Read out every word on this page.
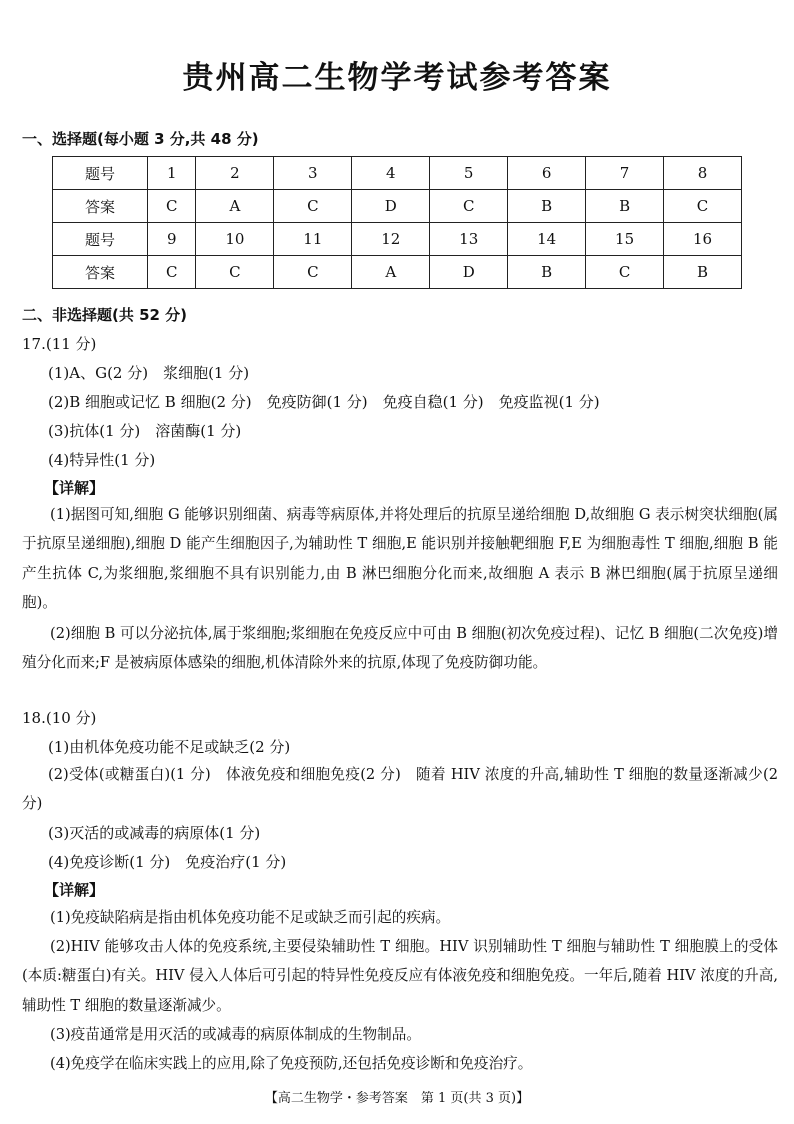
贵州高二生物学考试参考答案
一、选择题(每小题 3 分,共 48 分)
题号	1	2	3	4	5	6	7	8
答案	C	A	C	D	C	B	B	C
题号	9	10	11	12	13	14	15	16
答案	C	C	C	A	D	B	C	B
二、非选择题(共 52 分)
17.(11 分)
(1)A、G(2 分)　浆细胞(1 分)
(2)B 细胞或记忆 B 细胞(2 分)　免疫防御(1 分)　免疫自稳(1 分)　免疫监视(1 分)
(3)抗体(1 分)　溶菌酶(1 分)
(4)特异性(1 分)
【详解】
(1)据图可知,细胞 G 能够识别细菌、病毒等病原体,并将处理后的抗原呈递给细胞 D,故细胞 G 表示树突状细胞(属于抗原呈递细胞),细胞 D 能产生细胞因子,为辅助性 T 细胞,E 能识别并接触靶细胞 F,E 为细胞毒性 T 细胞,细胞 B 能产生抗体 C,为浆细胞,浆细胞不具有识别能力,由 B 淋巴细胞分化而来,故细胞 A 表示 B 淋巴细胞(属于抗原呈递细胞)。
(2)细胞 B 可以分泌抗体,属于浆细胞;浆细胞在免疫反应中可由 B 细胞(初次免疫过程)、记忆 B 细胞(二次免疫)增殖分化而来;F 是被病原体感染的细胞,机体清除外来的抗原,体现了免疫防御功能。
18.(10 分)
(1)由机体免疫功能不足或缺乏(2 分)
(2)受体(或糖蛋白)(1 分)　体液免疫和细胞免疫(2 分)　随着 HIV 浓度的升高,辅助性 T 细胞的数量逐渐减少(2 分)
(3)灭活的或减毒的病原体(1 分)
(4)免疫诊断(1 分)　免疫治疗(1 分)
【详解】
(1)免疫缺陷病是指由机体免疫功能不足或缺乏而引起的疾病。
(2)HIV 能够攻击人体的免疫系统,主要侵染辅助性 T 细胞。HIV 识别辅助性 T 细胞与辅助性 T 细胞膜上的受体(本质:糖蛋白)有关。HIV 侵入人体后可引起的特异性免疫反应有体液免疫和细胞免疫。一年后,随着 HIV 浓度的升高,辅助性 T 细胞的数量逐渐减少。
(3)疫苗通常是用灭活的或减毒的病原体制成的生物制品。
(4)免疫学在临床实践上的应用,除了免疫预防,还包括免疫诊断和免疫治疗。
【高二生物学・参考答案　第 1 页(共 3 页)】
